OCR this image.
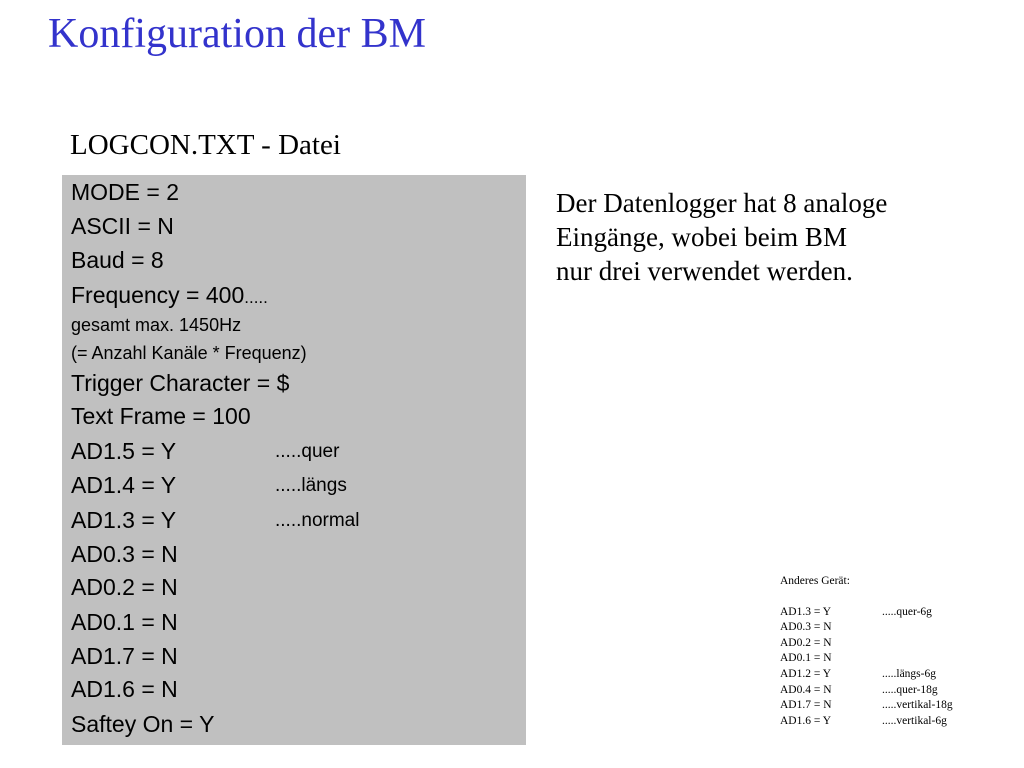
Konfiguration der BM
LOGCON.TXT - Datei
MODE = 2
ASCII = N
Baud = 8
Frequency = 400.....
gesamt max. 1450Hz
(= Anzahl Kanäle * Frequenz)
Trigger Character = $
Text Frame = 100
AD1.5 = Y	.....quer
AD1.4 = Y	.....längs
AD1.3 = Y	.....normal
AD0.3 = N
AD0.2 = N
AD0.1 = N
AD1.7 = N
AD1.6 = N
Saftey On = Y
Der Datenlogger hat 8 analoge
Eingänge, wobei beim BM
nur drei verwendet werden.
Anderes Gerät:
AD1.3 = Y	.....quer-6g
AD0.3 = N
AD0.2 = N
AD0.1 = N
AD1.2 = Y	.....längs-6g
AD0.4 = N	.....quer-18g
AD1.7 = N	.....vertikal-18g
AD1.6 = Y	.....vertikal-6g
